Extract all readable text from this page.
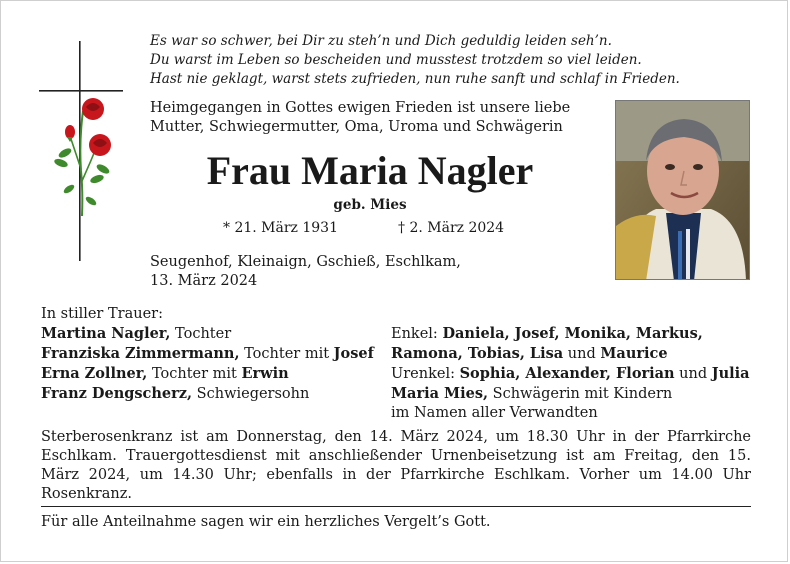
Es war so schwer, bei Dir zu steh’n und Dich geduldig leiden seh’n.
Du warst im Leben so bescheiden und musstest trotzdem so viel leiden.
Hast nie geklagt, warst stets zufrieden, nun ruhe sanft und schlaf in Frieden.
Heimgegangen in Gottes ewigen Frieden ist unsere liebe
Mutter, Schwiegermutter, Oma, Uroma und Schwägerin
Frau Maria Nagler
geb. Mies
* 21. März 1931	† 2. März 2024
Seugenhof, Kleinaign, Gschieß, Eschlkam,
13. März 2024
In stiller Trauer:
Martina Nagler, Tochter
Franziska Zimmermann, Tochter mit Josef
Erna Zollner, Tochter mit Erwin
Franz Dengscherz, Schwiegersohn
Enkel: Daniela, Josef, Monika, Markus,
Ramona, Tobias, Lisa und Maurice
Urenkel: Sophia, Alexander, Florian und Julia
Maria Mies, Schwägerin mit Kindern
im Namen aller Verwandten
Sterberosenkranz ist am Donnerstag, den 14. März 2024, um 18.30 Uhr in der Pfarrkirche Eschlkam. Trauergottesdienst mit anschließender Urnenbeisetzung ist am Freitag, den 15. März 2024, um 14.30 Uhr; ebenfalls in der Pfarrkirche Eschlkam. Vorher um 14.00 Uhr Rosenkranz.
Für alle Anteilnahme sagen wir ein herzliches Vergelt’s Gott.
